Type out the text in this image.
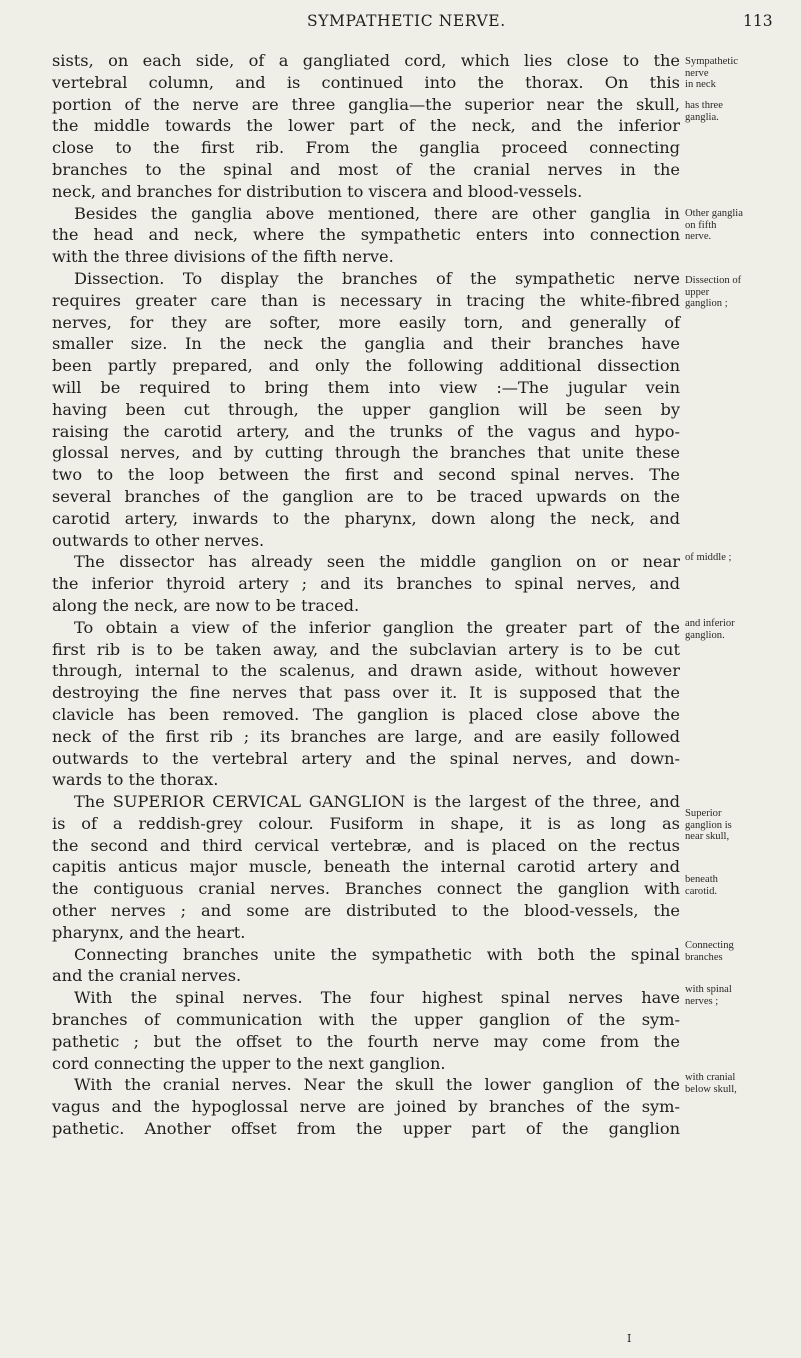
SYMPATHETIC NERVE.	113
sists, on each side, of a gangliated cord, which lies close to the
vertebral column, and is continued into the thorax. On this
portion of the nerve are three ganglia—the superior near the skull,
the middle towards the lower part of the neck, and the inferior
close to the first rib. From the ganglia proceed connecting
branches to the spinal and most of the cranial nerves in the
neck, and branches for distribution to viscera and blood-vessels.
Besides the ganglia above mentioned, there are other ganglia in
the head and neck, where the sympathetic enters into connection
with the three divisions of the fifth nerve.
Dissection. To display the branches of the sympathetic nerve
requires greater care than is necessary in tracing the white-fibred
nerves, for they are softer, more easily torn, and generally of
smaller size. In the neck the ganglia and their branches have
been partly prepared, and only the following additional dissection
will be required to bring them into view :—The jugular vein
having been cut through, the upper ganglion will be seen by
raising the carotid artery, and the trunks of the vagus and hypo-
glossal nerves, and by cutting through the branches that unite these
two to the loop between the first and second spinal nerves. The
several branches of the ganglion are to be traced upwards on the
carotid artery, inwards to the pharynx, down along the neck, and
outwards to other nerves.
The dissector has already seen the middle ganglion on or near
the inferior thyroid artery ; and its branches to spinal nerves, and
along the neck, are now to be traced.
To obtain a view of the inferior ganglion the greater part of the
first rib is to be taken away, and the subclavian artery is to be cut
through, internal to the scalenus, and drawn aside, without however
destroying the fine nerves that pass over it. It is supposed that the
clavicle has been removed. The ganglion is placed close above the
neck of the first rib ; its branches are large, and are easily followed
outwards to the vertebral artery and the spinal nerves, and down-
wards to the thorax.
The SUPERIOR CERVICAL GANGLION is the largest of the three, and
is of a reddish-grey colour. Fusiform in shape, it is as long as
the second and third cervical vertebræ, and is placed on the rectus
capitis anticus major muscle, beneath the internal carotid artery and
the contiguous cranial nerves. Branches connect the ganglion with
other nerves ; and some are distributed to the blood-vessels, the
pharynx, and the heart.
Connecting branches unite the sympathetic with both the spinal
and the cranial nerves.
With the spinal nerves. The four highest spinal nerves have
branches of communication with the upper ganglion of the sym-
pathetic ; but the offset to the fourth nerve may come from the
cord connecting the upper to the next ganglion.
With the cranial nerves. Near the skull the lower ganglion of the
vagus and the hypoglossal nerve are joined by branches of the sym-
pathetic. Another offset from the upper part of the ganglion
Sympathetic nerve in neck
has three ganglia.
Other ganglia on fifth nerve.
Dissection of upper ganglion ;
of middle ;
and inferior ganglion.
Superior ganglion is near skull,
beneath carotid.
Connecting branches
with spinal nerves ;
with cranial below skull,
I
